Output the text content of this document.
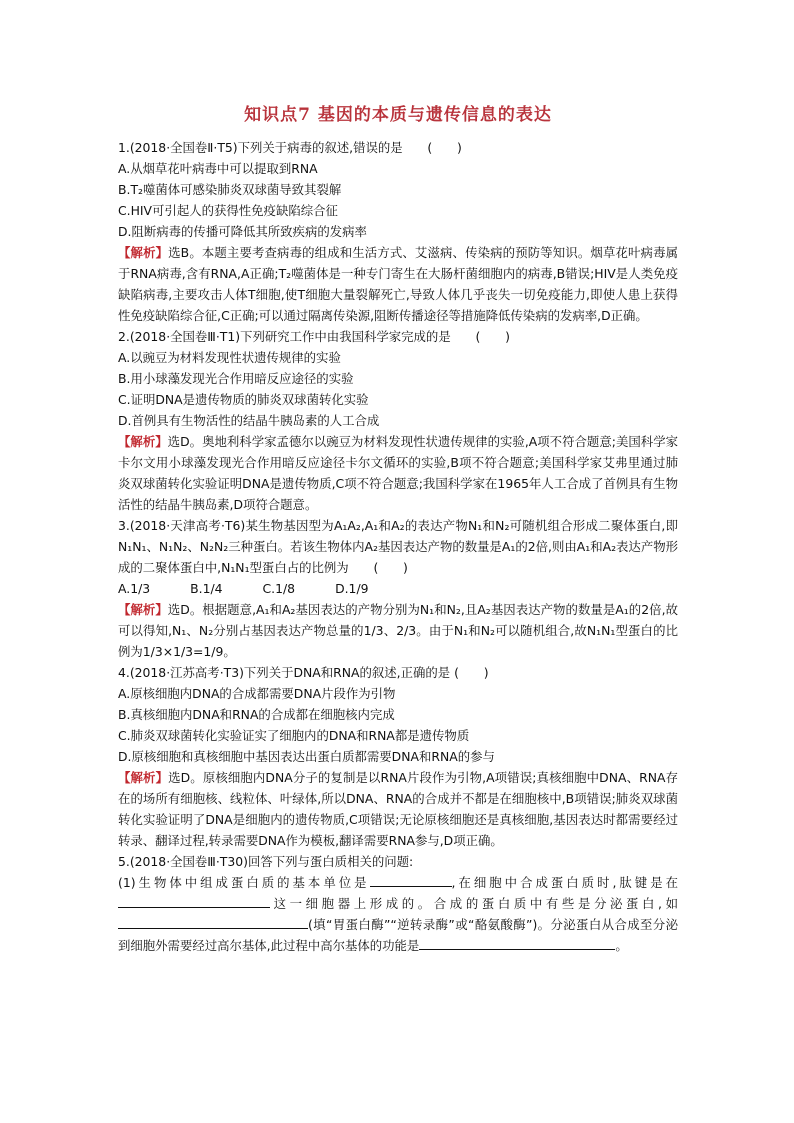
知识点7 基因的本质与遗传信息的表达
1.(2018·全国卷Ⅱ·T5)下列关于病毒的叙述,错误的是　　(　　)
A.从烟草花叶病毒中可以提取到RNA
B.T₂噬菌体可感染肺炎双球菌导致其裂解
C.HIV可引起人的获得性免疫缺陷综合征
D.阻断病毒的传播可降低其所致疾病的发病率
【解析】选B。本题主要考查病毒的组成和生活方式、艾滋病、传染病的预防等知识。烟草花叶病毒属于RNA病毒,含有RNA,A正确;T₂噬菌体是一种专门寄生在大肠杆菌细胞内的病毒,B错误;HIV是人类免疫缺陷病毒,主要攻击人体T细胞,使T细胞大量裂解死亡,导致人体几乎丧失一切免疫能力,即使人患上获得性免疫缺陷综合征,C正确;可以通过隔离传染源,阻断传播途径等措施降低传染病的发病率,D正确。
2.(2018·全国卷Ⅲ·T1)下列研究工作中由我国科学家完成的是　　(　　)
A.以豌豆为材料发现性状遗传规律的实验
B.用小球藻发现光合作用暗反应途径的实验
C.证明DNA是遗传物质的肺炎双球菌转化实验
D.首例具有生物活性的结晶牛胰岛素的人工合成
【解析】选D。奥地利科学家孟德尔以豌豆为材料发现性状遗传规律的实验,A项不符合题意;美国科学家卡尔文用小球藻发现光合作用暗反应途径卡尔文循环的实验,B项不符合题意;美国科学家艾弗里通过肺炎双球菌转化实验证明DNA是遗传物质,C项不符合题意;我国科学家在1965年人工合成了首例具有生物活性的结晶牛胰岛素,D项符合题意。
3.(2018·天津高考·T6)某生物基因型为A₁A₂,A₁和A₂的表达产物N₁和N₂可随机组合形成二聚体蛋白,即N₁N₁、N₁N₂、N₂N₂三种蛋白。若该生物体内A₂基因表达产物的数量是A₁的2倍,则由A₁和A₂表达产物形成的二聚体蛋白中,N₁N₁型蛋白占的比例为　　(　　)
A.1/3	B.1/4	C.1/8	D.1/9
【解析】选D。根据题意,A₁和A₂基因表达的产物分别为N₁和N₂,且A₂基因表达产物的数量是A₁的2倍,故可以得知,N₁、N₂分别占基因表达产物总量的1/3、2/3。由于N₁和N₂可以随机组合,故N₁N₁型蛋白的比例为1/3×1/3=1/9。
4.(2018·江苏高考·T3)下列关于DNA和RNA的叙述,正确的是 (　　)
A.原核细胞内DNA的合成都需要DNA片段作为引物
B.真核细胞内DNA和RNA的合成都在细胞核内完成
C.肺炎双球菌转化实验证实了细胞内的DNA和RNA都是遗传物质
D.原核细胞和真核细胞中基因表达出蛋白质都需要DNA和RNA的参与
【解析】选D。原核细胞内DNA分子的复制是以RNA片段作为引物,A项错误;真核细胞中DNA、RNA存在的场所有细胞核、线粒体、叶绿体,所以DNA、RNA的合成并不都是在细胞核中,B项错误;肺炎双球菌转化实验证明了DNA是细胞内的遗传物质,C项错误;无论原核细胞还是真核细胞,基因表达时都需要经过转录、翻译过程,转录需要DNA作为模板,翻译需要RNA参与,D项正确。
5.(2018·全国卷Ⅲ·T30)回答下列与蛋白质相关的问题:
(1)生物体中组成蛋白质的基本单位是	,在细胞中合成蛋白质时,肽键是在这一细胞器上形成的。合成的蛋白质中有些是分泌蛋白,如(填“胃蛋白酶”“逆转录酶”或“酪氨酸酶”)。分泌蛋白从合成至分泌到细胞外需要经过高尔基体,此过程中高尔基体的功能是	。
